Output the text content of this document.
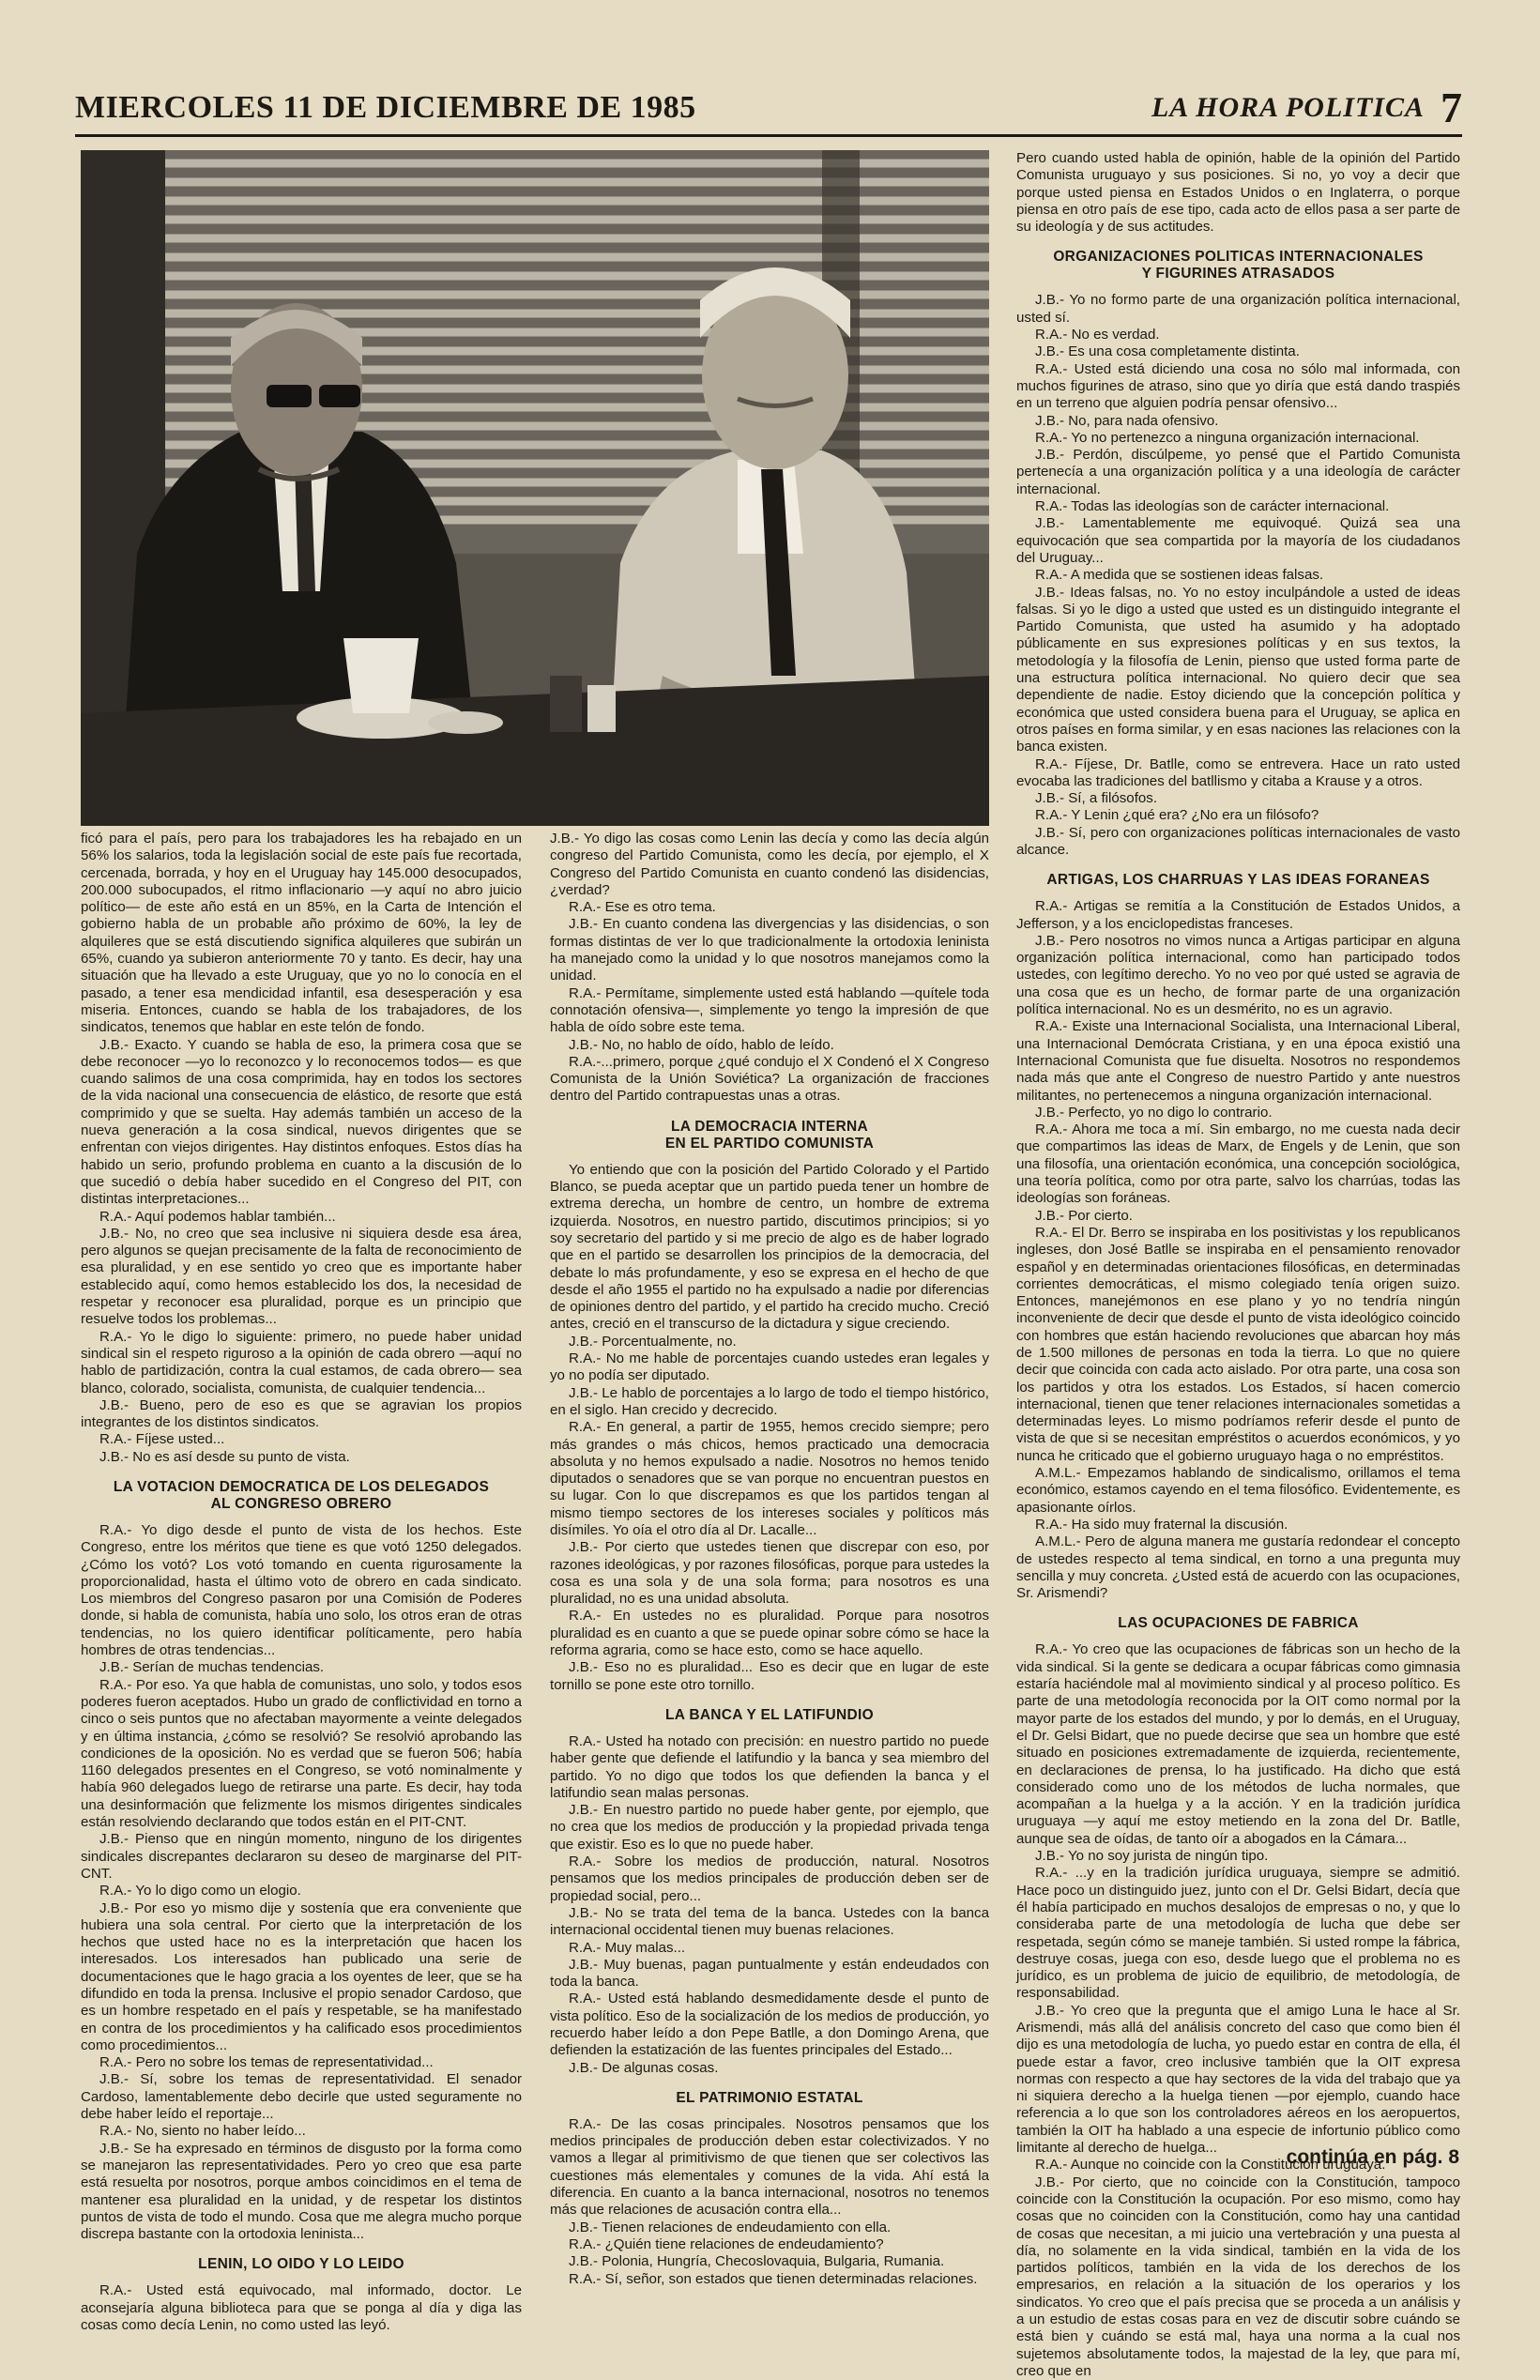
MIERCOLES 11 DE DICIEMBRE DE 1985	LA HORA POLITICA 7

ficó para el país, pero para los trabajadores les ha rebajado en un 56% los salarios, toda la legislación social de este país fue recortada, cercenada, borrada, y hoy en el Uruguay hay 145.000 desocupados, 200.000 subocupados, el ritmo inflacionario —y aquí no abro juicio político— de este año está en un 85%, en la Carta de Intención el gobierno habla de un probable año próximo de 60%, la ley de alquileres que se está discutiendo significa alquileres que subirán un 65%, cuando ya subieron anteriormente 70 y tanto. Es decir, hay una situación que ha llevado a este Uruguay, que yo no lo conocía en el pasado, a tener esa mendicidad infantil, esa desesperación y esa miseria. Entonces, cuando se habla de los trabajadores, de los sindicatos, tenemos que hablar en este telón de fondo.

J.B.- Exacto. Y cuando se habla de eso, la primera cosa que se debe reconocer —yo lo reconozco y lo reconocemos todos— es que cuando salimos de una cosa comprimida, hay en todos los sectores de la vida nacional una consecuencia de elástico, de resorte que está comprimido y que se suelta. Hay además también un acceso de la nueva generación a la cosa sindical, nuevos dirigentes que se enfrentan con viejos dirigentes. Hay distintos enfoques. Estos días ha habido un serio, profundo problema en cuanto a la discusión de lo que sucedió o debía haber sucedido en el Congreso del PIT, con distintas interpretaciones...

R.A.- Aquí podemos hablar también...

J.B.- No, no creo que sea inclusive ni siquiera desde esa área, pero algunos se quejan precisamente de la falta de reconocimiento de esa pluralidad, y en ese sentido yo creo que es importante haber establecido aquí, como hemos establecido los dos, la necesidad de respetar y reconocer esa pluralidad, porque es un principio que resuelve todos los problemas...

R.A.- Yo le digo lo siguiente: primero, no puede haber unidad sindical sin el respeto riguroso a la opinión de cada obrero —aquí no hablo de partidización, contra la cual estamos, de cada obrero— sea blanco, colorado, socialista, comunista, de cualquier tendencia...

J.B.- Bueno, pero de eso es que se agravian los propios integrantes de los distintos sindicatos.

R.A.- Fíjese usted...

J.B.- No es así desde su punto de vista.

LA VOTACION DEMOCRATICA DE LOS DELEGADOS
AL CONGRESO OBRERO

R.A.- Yo digo desde el punto de vista de los hechos. Este Congreso, entre los méritos que tiene es que votó 1250 delegados. ¿Cómo los votó? Los votó tomando en cuenta rigurosamente la proporcionalidad, hasta el último voto de obrero en cada sindicato. Los miembros del Congreso pasaron por una Comisión de Poderes donde, si habla de comunista, había uno solo, los otros eran de otras tendencias, no los quiero identificar políticamente, pero había hombres de otras tendencias...

J.B.- Serían de muchas tendencias.

R.A.- Por eso. Ya que habla de comunistas, uno solo, y todos esos poderes fueron aceptados. Hubo un grado de conflictividad en torno a cinco o seis puntos que no afectaban mayormente a veinte delegados y en última instancia, ¿cómo se resolvió? Se resolvió aprobando las condiciones de la oposición. No es verdad que se fueron 506; había 1160 delegados presentes en el Congreso, se votó nominalmente y había 960 delegados luego de retirarse una parte. Es decir, hay toda una desinformación que felizmente los mismos dirigentes sindicales están resolviendo declarando que todos están en el PIT-CNT.

J.B.- Pienso que en ningún momento, ninguno de los dirigentes sindicales discrepantes declararon su deseo de marginarse del PIT-CNT.

R.A.- Yo lo digo como un elogio.

J.B.- Por eso yo mismo dije y sostenía que era conveniente que hubiera una sola central. Por cierto que la interpretación de los hechos que usted hace no es la interpretación que hacen los interesados. Los interesados han publicado una serie de documentaciones que le hago gracia a los oyentes de leer, que se ha difundido en toda la prensa. Inclusive el propio senador Cardoso, que es un hombre respetado en el país y respetable, se ha manifestado en contra de los procedimientos y ha calificado esos procedimientos como procedimientos...

R.A.- Pero no sobre los temas de representatividad...

J.B.- Sí, sobre los temas de representatividad. El senador Cardoso, lamentablemente debo decirle que usted seguramente no debe haber leído el reportaje...

R.A.- No, siento no haber leído...

J.B.- Se ha expresado en términos de disgusto por la forma como se manejaron las representatividades. Pero yo creo que esa parte está resuelta por nosotros, porque ambos coincidimos en el tema de mantener esa pluralidad en la unidad, y de respetar los distintos puntos de vista de todo el mundo. Cosa que me alegra mucho porque discrepa bastante con la ortodoxia leninista...

LENIN, LO OIDO Y LO LEIDO

R.A.- Usted está equivocado, mal informado, doctor. Le aconsejaría alguna biblioteca para que se ponga al día y diga las cosas como decía Lenin, no como usted las leyó.

J.B.- Yo digo las cosas como Lenin las decía y como las decía algún congreso del Partido Comunista, como les decía, por ejemplo, el X Congreso del Partido Comunista en cuanto condenó las disidencias, ¿verdad?

R.A.- Ese es otro tema.

J.B.- En cuanto condena las divergencias y las disidencias, o son formas distintas de ver lo que tradicionalmente la ortodoxia leninista ha manejado como la unidad y lo que nosotros manejamos como la unidad.

R.A.- Permítame, simplemente usted está hablando —quítele toda connotación ofensiva—, simplemente yo tengo la impresión de que habla de oído sobre este tema.

J.B.- No, no hablo de oído, hablo de leído.

R.A.-...primero, porque ¿qué condujo el X Condenó el X Congreso Comunista de la Unión Soviética? La organización de fracciones dentro del Partido contrapuestas unas a otras.

LA DEMOCRACIA INTERNA
EN EL PARTIDO COMUNISTA

Yo entiendo que con la posición del Partido Colorado y el Partido Blanco, se pueda aceptar que un partido pueda tener un hombre de extrema derecha, un hombre de centro, un hombre de extrema izquierda. Nosotros, en nuestro partido, discutimos principios; si yo soy secretario del partido y si me precio de algo es de haber logrado que en el partido se desarrollen los principios de la democracia, del debate lo más profundamente, y eso se expresa en el hecho de que desde el año 1955 el partido no ha expulsado a nadie por diferencias de opiniones dentro del partido, y el partido ha crecido mucho. Creció antes, creció en el transcurso de la dictadura y sigue creciendo.

J.B.- Porcentualmente, no.

R.A.- No me hable de porcentajes cuando ustedes eran legales y yo no podía ser diputado.

J.B.- Le hablo de porcentajes a lo largo de todo el tiempo histórico, en el siglo. Han crecido y decrecido.

R.A.- En general, a partir de 1955, hemos crecido siempre; pero más grandes o más chicos, hemos practicado una democracia absoluta y no hemos expulsado a nadie. Nosotros no hemos tenido diputados o senadores que se van porque no encuentran puestos en su lugar. Con lo que discrepamos es que los partidos tengan al mismo tiempo sectores de los intereses sociales y políticos más disímiles. Yo oía el otro día al Dr. Lacalle...

J.B.- Por cierto que ustedes tienen que discrepar con eso, por razones ideológicas, y por razones filosóficas, porque para ustedes la cosa es una sola y de una sola forma; para nosotros es una pluralidad, no es una unidad absoluta.

R.A.- En ustedes no es pluralidad. Porque para nosotros pluralidad es en cuanto a que se puede opinar sobre cómo se hace la reforma agraria, como se hace esto, como se hace aquello.

J.B.- Eso no es pluralidad... Eso es decir que en lugar de este tornillo se pone este otro tornillo.

LA BANCA Y EL LATIFUNDIO

R.A.- Usted ha notado con precisión: en nuestro partido no puede haber gente que defiende el latifundio y la banca y sea miembro del partido. Yo no digo que todos los que defienden la banca y el latifundio sean malas personas.

J.B.- En nuestro partido no puede haber gente, por ejemplo, que no crea que los medios de producción y la propiedad privada tenga que existir. Eso es lo que no puede haber.

R.A.- Sobre los medios de producción, natural. Nosotros pensamos que los medios principales de producción deben ser de propiedad social, pero...

J.B.- No se trata del tema de la banca. Ustedes con la banca internacional occidental tienen muy buenas relaciones.

R.A.- Muy malas...

J.B.- Muy buenas, pagan puntualmente y están endeudados con toda la banca.

R.A.- Usted está hablando desmedidamente desde el punto de vista político. Eso de la socialización de los medios de producción, yo recuerdo haber leído a don Pepe Batlle, a don Domingo Arena, que defienden la estatización de las fuentes principales del Estado...

J.B.- De algunas cosas.

EL PATRIMONIO ESTATAL

R.A.- De las cosas principales. Nosotros pensamos que los medios principales de producción deben estar colectivizados. Y no vamos a llegar al primitivismo de que tienen que ser colectivos las cuestiones más elementales y comunes de la vida. Ahí está la diferencia. En cuanto a la banca internacional, nosotros no tenemos más que relaciones de acusación contra ella...

J.B.- Tienen relaciones de endeudamiento con ella.

R.A.- ¿Quién tiene relaciones de endeudamiento?

J.B.- Polonia, Hungría, Checoslovaquia, Bulgaria, Rumania.

R.A.- Sí, señor, son estados que tienen determinadas relaciones.

Pero cuando usted habla de opinión, hable de la opinión del Partido Comunista uruguayo y sus posiciones. Si no, yo voy a decir que porque usted piensa en Estados Unidos o en Inglaterra, o porque piensa en otro país de ese tipo, cada acto de ellos pasa a ser parte de su ideología y de sus actitudes.

ORGANIZACIONES POLITICAS INTERNACIONALES
Y FIGURINES ATRASADOS

J.B.- Yo no formo parte de una organización política internacional, usted sí.

R.A.- No es verdad.

J.B.- Es una cosa completamente distinta.

R.A.- Usted está diciendo una cosa no sólo mal informada, con muchos figurines de atraso, sino que yo diría que está dando traspiés en un terreno que alguien podría pensar ofensivo...

J.B.- No, para nada ofensivo.

R.A.- Yo no pertenezco a ninguna organización internacional.

J.B.- Perdón, discúlpeme, yo pensé que el Partido Comunista pertenecía a una organización política y a una ideología de carácter internacional.

R.A.- Todas las ideologías son de carácter internacional.

J.B.- Lamentablemente me equivoqué. Quizá sea una equivocación que sea compartida por la mayoría de los ciudadanos del Uruguay...

R.A.- A medida que se sostienen ideas falsas.

J.B.- Ideas falsas, no. Yo no estoy inculpándole a usted de ideas falsas. Si yo le digo a usted que usted es un distinguido integrante el Partido Comunista, que usted ha asumido y ha adoptado públicamente en sus expresiones políticas y en sus textos, la metodología y la filosofía de Lenin, pienso que usted forma parte de una estructura política internacional. No quiero decir que sea dependiente de nadie. Estoy diciendo que la concepción política y económica que usted considera buena para el Uruguay, se aplica en otros países en forma similar, y en esas naciones las relaciones con la banca existen.

R.A.- Fíjese, Dr. Batlle, como se entrevera. Hace un rato usted evocaba las tradiciones del batllismo y citaba a Krause y a otros.

J.B.- Sí, a filósofos.

R.A.- Y Lenin ¿qué era? ¿No era un filósofo?

J.B.- Sí, pero con organizaciones políticas internacionales de vasto alcance.

ARTIGAS, LOS CHARRUAS Y LAS IDEAS FORANEAS

R.A.- Artigas se remitía a la Constitución de Estados Unidos, a Jefferson, y a los enciclopedistas franceses.

J.B.- Pero nosotros no vimos nunca a Artigas participar en alguna organización política internacional, como han participado todos ustedes, con legítimo derecho. Yo no veo por qué usted se agravia de una cosa que es un hecho, de formar parte de una organización política internacional. No es un desmérito, no es un agravio.

R.A.- Existe una Internacional Socialista, una Internacional Liberal, una Internacional Demócrata Cristiana, y en una época existió una Internacional Comunista que fue disuelta. Nosotros no respondemos nada más que ante el Congreso de nuestro Partido y ante nuestros militantes, no pertenecemos a ninguna organización internacional.

J.B.- Perfecto, yo no digo lo contrario.

R.A.- Ahora me toca a mí. Sin embargo, no me cuesta nada decir que compartimos las ideas de Marx, de Engels y de Lenin, que son una filosofía, una orientación económica, una concepción sociológica, una teoría política, como por otra parte, salvo los charrúas, todas las ideologías son foráneas.

J.B.- Por cierto.

R.A.- El Dr. Berro se inspiraba en los positivistas y los republicanos ingleses, don José Batlle se inspiraba en el pensamiento renovador español y en determinadas orientaciones filosóficas, en determinadas corrientes democráticas, el mismo colegiado tenía origen suizo. Entonces, manejémonos en ese plano y yo no tendría ningún inconveniente de decir que desde el punto de vista ideológico coincido con hombres que están haciendo revoluciones que abarcan hoy más de 1.500 millones de personas en toda la tierra. Lo que no quiere decir que coincida con cada acto aislado. Por otra parte, una cosa son los partidos y otra los estados. Los Estados, sí hacen comercio internacional, tienen que tener relaciones internacionales sometidas a determinadas leyes. Lo mismo podríamos referir desde el punto de vista de que si se necesitan empréstitos o acuerdos económicos, y yo nunca he criticado que el gobierno uruguayo haga o no empréstitos.

A.M.L.- Empezamos hablando de sindicalismo, orillamos el tema económico, estamos cayendo en el tema filosófico. Evidentemente, es apasionante oírlos.

R.A.- Ha sido muy fraternal la discusión.

A.M.L.- Pero de alguna manera me gustaría redondear el concepto de ustedes respecto al tema sindical, en torno a una pregunta muy sencilla y muy concreta. ¿Usted está de acuerdo con las ocupaciones, Sr. Arismendi?

LAS OCUPACIONES DE FABRICA

R.A.- Yo creo que las ocupaciones de fábricas son un hecho de la vida sindical. Si la gente se dedicara a ocupar fábricas como gimnasia estaría haciéndole mal al movimiento sindical y al proceso político. Es parte de una metodología reconocida por la OIT como normal por la mayor parte de los estados del mundo, y por lo demás, en el Uruguay, el Dr. Gelsi Bidart, que no puede decirse que sea un hombre que esté situado en posiciones extremadamente de izquierda, recientemente, en declaraciones de prensa, lo ha justificado. Ha dicho que está considerado como uno de los métodos de lucha normales, que acompañan a la huelga y a la acción. Y en la tradición jurídica uruguaya —y aquí me estoy metiendo en la zona del Dr. Batlle, aunque sea de oídas, de tanto oír a abogados en la Cámara...

J.B.- Yo no soy jurista de ningún tipo.

R.A.- ...y en la tradición jurídica uruguaya, siempre se admitió. Hace poco un distinguido juez, junto con el Dr. Gelsi Bidart, decía que él había participado en muchos desalojos de empresas o no, y que lo consideraba parte de una metodología de lucha que debe ser respetada, según cómo se maneje también. Si usted rompe la fábrica, destruye cosas, juega con eso, desde luego que el problema no es jurídico, es un problema de juicio de equilibrio, de metodología, de responsabilidad.

J.B.- Yo creo que la pregunta que el amigo Luna le hace al Sr. Arismendi, más allá del análisis concreto del caso que como bien él dijo es una metodología de lucha, yo puedo estar en contra de ella, él puede estar a favor, creo inclusive también que la OIT expresa normas con respecto a que hay sectores de la vida del trabajo que ya ni siquiera derecho a la huelga tienen —por ejemplo, cuando hace referencia a lo que son los controladores aéreos en los aeropuertos, también la OIT ha hablado a una especie de infortunio público como limitante al derecho de huelga...

R.A.- Aunque no coincide con la Constitución uruguaya.

J.B.- Por cierto, que no coincide con la Constitución, tampoco coincide con la Constitución la ocupación. Por eso mismo, como hay cosas que no coinciden con la Constitución, como hay una cantidad de cosas que necesitan, a mi juicio una vertebración y una puesta al día, no solamente en la vida sindical, también en la vida de los partidos políticos, también en la vida de los derechos de los empresarios, en relación a la situación de los operarios y los sindicatos. Yo creo que el país precisa que se proceda a un análisis y a un estudio de estas cosas para en vez de discutir sobre cuándo se está bien y cuándo se está mal, haya una norma a la cual nos sujetemos absolutamente todos, la majestad de la ley, que para mí, creo que en

continúa en pág. 8
